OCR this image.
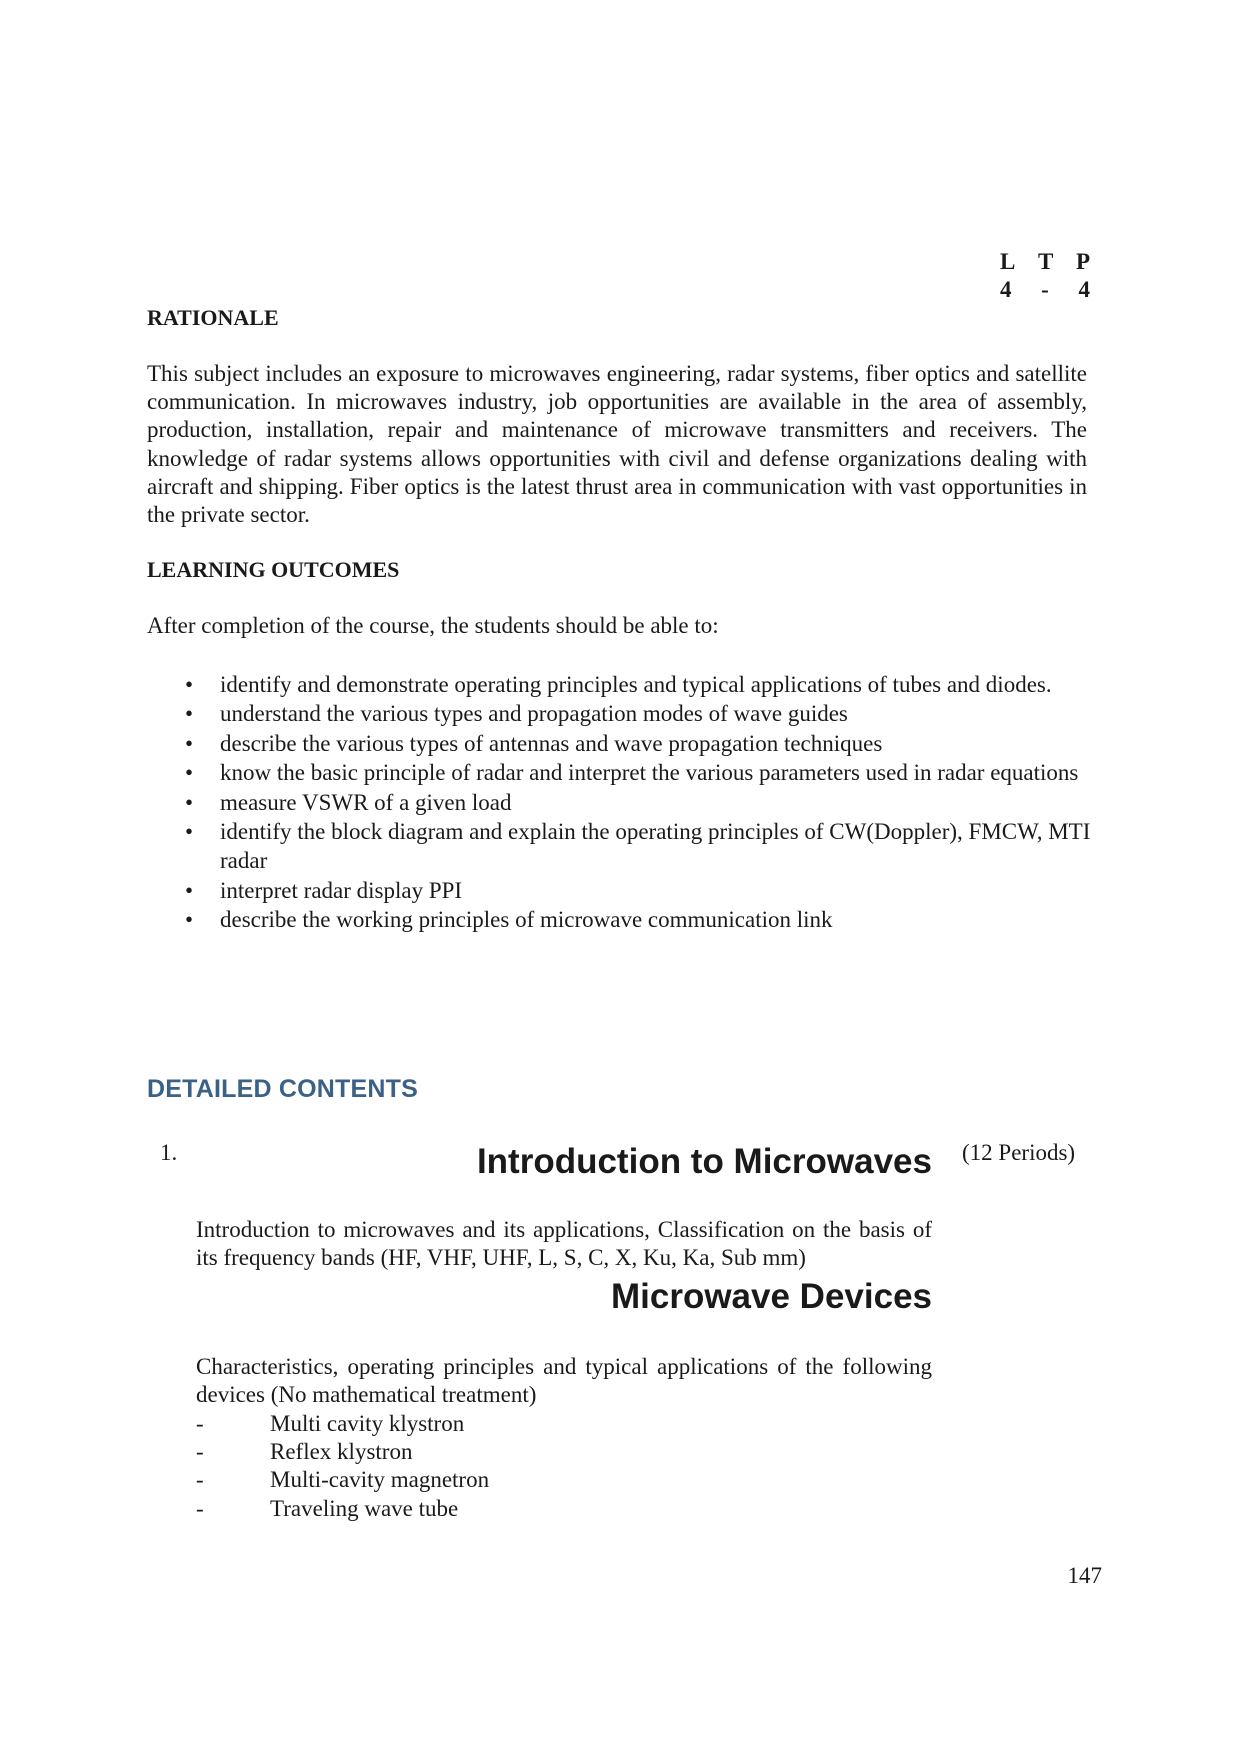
L T P
4 - 4
RATIONALE

This subject includes an exposure to microwaves engineering, radar systems, fiber optics and satellite communication. In microwaves industry, job opportunities are available in the area of assembly, production, installation, repair and maintenance of microwave transmitters and receivers. The knowledge of radar systems allows opportunities with civil and defense organizations dealing with aircraft and shipping. Fiber optics is the latest thrust area in communication with vast opportunities in the private sector.

LEARNING OUTCOMES
After completion of the course, the students should be able to:
• identify and demonstrate operating principles and typical applications of tubes and diodes.
• understand the various types and propagation modes of wave guides
• describe the various types of antennas and wave propagation techniques
• know the basic principle of radar and interpret the various parameters used in radar equations
• measure VSWR of a given load
• identify the block diagram and explain the operating principles of CW(Doppler), FMCW, MTI radar
• interpret radar display PPI
• describe the working principles of microwave communication link
DETAILED CONTENTS
1.	Introduction to Microwaves (12 Periods)

Introduction to microwaves and its applications, Classification on the basis of its frequency bands (HF, VHF, UHF, L, S, C, X, Ku, Ka, Sub mm)

Microwave Devices

Characteristics, operating principles and typical applications of the following devices (No mathematical treatment)

-	Multi cavity klystron
-	Reflex klystron
-	Multi-cavity magnetron
-	Traveling wave tube
147
